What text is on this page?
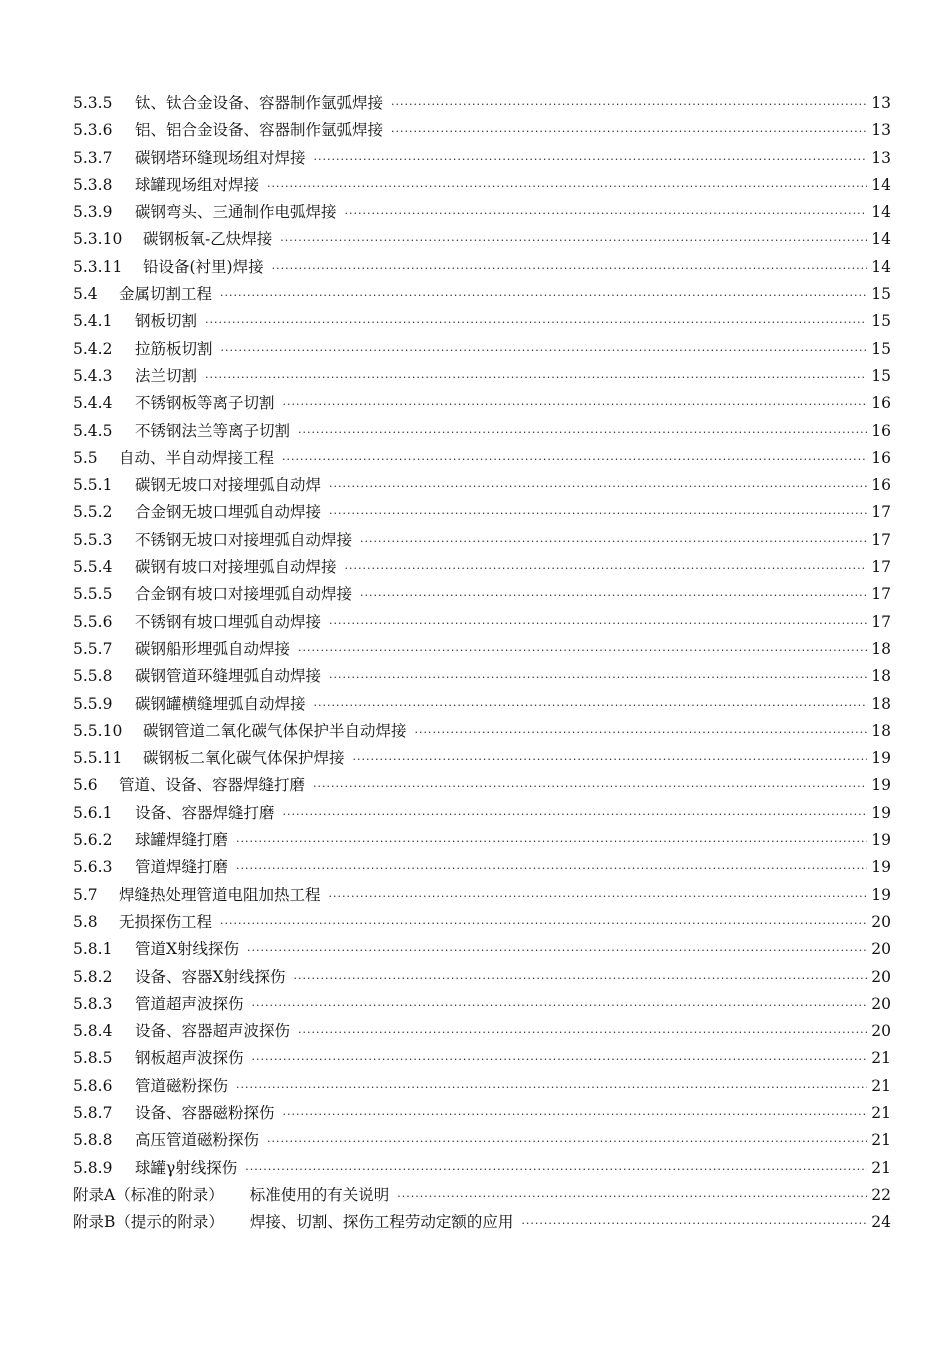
5.3.5	钛、钛合金设备、容器制作氩弧焊接 ·····	13
5.3.6	铝、铝合金设备、容器制作氩弧焊接 ·····	13
5.3.7	碳钢塔环缝现场组对焊接 ·····	13
5.3.8	球罐现场组对焊接 ·····	14
5.3.9	碳钢弯头、三通制作电弧焊接 ·····	14
5.3.10	碳钢板氧-乙炔焊接 ·····	14
5.3.11	铅设备(衬里)焊接 ·····	14
5.4	金属切割工程 ·····	15
5.4.1	钢板切割 ·····	15
5.4.2	拉筋板切割 ·····	15
5.4.3	法兰切割 ·····	15
5.4.4	不锈钢板等离子切割 ·····	16
5.4.5	不锈钢法兰等离子切割 ·····	16
5.5	自动、半自动焊接工程 ·····	16
5.5.1	碳钢无坡口对接埋弧自动焊 ·····	16
5.5.2	合金钢无坡口埋弧自动焊接 ·····	17
5.5.3	不锈钢无坡口对接埋弧自动焊接 ·····	17
5.5.4	碳钢有坡口对接埋弧自动焊接 ·····	17
5.5.5	合金钢有坡口对接埋弧自动焊接 ·····	17
5.5.6	不锈钢有坡口埋弧自动焊接 ·····	17
5.5.7	碳钢船形埋弧自动焊接 ·····	18
5.5.8	碳钢管道环缝埋弧自动焊接 ·····	18
5.5.9	碳钢罐横缝埋弧自动焊接 ·····	18
5.5.10	碳钢管道二氧化碳气体保护半自动焊接 ·····	18
5.5.11	碳钢板二氧化碳气体保护焊接 ·····	19
5.6	管道、设备、容器焊缝打磨 ·····	19
5.6.1	设备、容器焊缝打磨 ·····	19
5.6.2	球罐焊缝打磨 ·····	19
5.6.3	管道焊缝打磨 ·····	19
5.7	焊缝热处理管道电阻加热工程 ·····	19
5.8	无损探伤工程 ·····	20
5.8.1	管道X射线探伤 ·····	20
5.8.2	设备、容器X射线探伤 ·····	20
5.8.3	管道超声波探伤 ·····	20
5.8.4	设备、容器超声波探伤 ·····	20
5.8.5	钢板超声波探伤 ·····	21
5.8.6	管道磁粉探伤 ·····	21
5.8.7	设备、容器磁粉探伤 ·····	21
5.8.8	高压管道磁粉探伤 ·····	21
5.8.9	球罐γ射线探伤 ·····	21
附录A（标准的附录）	标准使用的有关说明 ·····	22
附录B（提示的附录）	焊接、切割、探伤工程劳动定额的应用 ·····	24
